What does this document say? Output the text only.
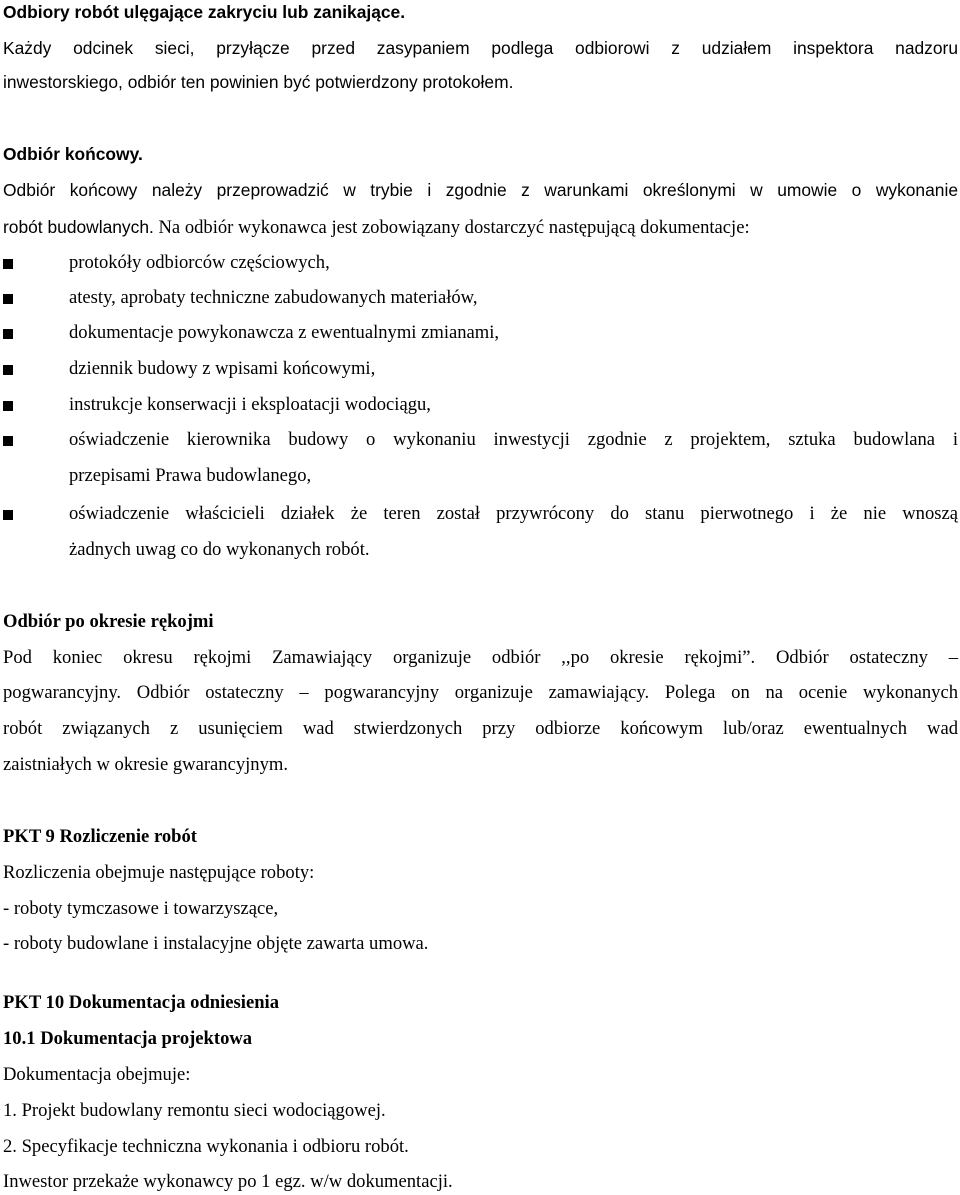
Odbiory robót ulęgające zakryciu lub zanikające.
Każdy odcinek sieci, przyłącze przed zasypaniem podlega odbiorowi z udziałem inspektora nadzoru
inwestorskiego, odbiór ten powinien być potwierdzony protokołem.
Odbiór końcowy.
Odbiór końcowy należy przeprowadzić w trybie i zgodnie z warunkami określonymi w umowie o wykonanie
robót budowlanych. Na odbiór wykonawca jest zobowiązany dostarczyć następującą dokumentacje:
protokóły odbiorców częściowych,
atesty, aprobaty techniczne zabudowanych materiałów,
dokumentacje powykonawcza z ewentualnymi zmianami,
dziennik budowy z wpisami końcowymi,
instrukcje konserwacji i eksploatacji wodociągu,
oświadczenie kierownika budowy o wykonaniu inwestycji zgodnie z projektem, sztuka budowlana i
przepisami Prawa budowlanego,
oświadczenie właścicieli działek że teren został przywrócony do stanu pierwotnego i że nie wnoszą
żadnych uwag co do wykonanych robót.
Odbiór po okresie rękojmi
Pod koniec okresu rękojmi Zamawiający organizuje odbiór ,,po okresie rękojmi”. Odbiór ostateczny –
pogwarancyjny. Odbiór ostateczny – pogwarancyjny organizuje zamawiający. Polega on na ocenie wykonanych
robót związanych z usunięciem wad stwierdzonych przy odbiorze końcowym lub/oraz ewentualnych wad
zaistniałych w okresie gwarancyjnym.
PKT 9 Rozliczenie robót
Rozliczenia obejmuje następujące roboty:
- roboty tymczasowe i towarzyszące,
- roboty budowlane i instalacyjne objęte zawarta umowa.
PKT 10 Dokumentacja odniesienia
10.1 Dokumentacja projektowa
Dokumentacja obejmuje:
1. Projekt budowlany remontu sieci wodociągowej.
2. Specyfikacje techniczna wykonania i odbioru robót.
Inwestor przekaże wykonawcy po 1 egz. w/w dokumentacji.
